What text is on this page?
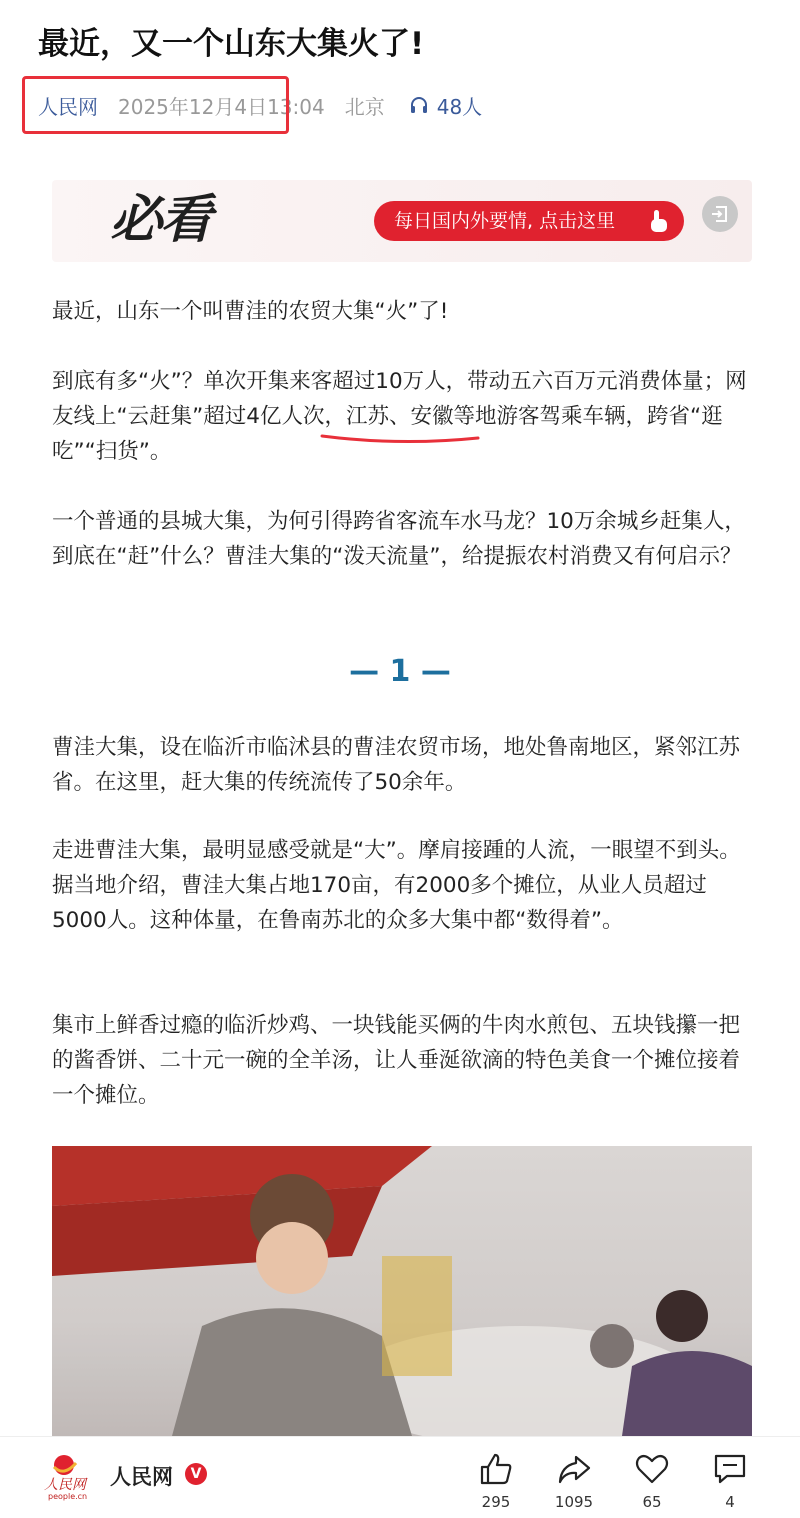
最近，又一个山东大集火了!
人民网 2025年12月4日13:04 北京	48人
必看	每日国内外要情, 点击这里
最近，山东一个叫曹洼的农贸大集“火”了!
到底有多“火”？单次开集来客超过10万人，带动五六百万元消费体量；网友线上“云赶集”超过4亿人次，江苏、安徽等地游客驾乘车辆，跨省“逛吃”“扫货”。
一个普通的县城大集，为何引得跨省客流车水马龙？10万余城乡赶集人，到底在“赶”什么？曹洼大集的“泼天流量”，给提振农村消费又有何启示？
— 1 —
曹洼大集，设在临沂市临沭县的曹洼农贸市场，地处鲁南地区，紧邻江苏省。在这里，赶大集的传统流传了50余年。
走进曹洼大集，最明显感受就是“大”。摩肩接踵的人流，一眼望不到头。据当地介绍，曹洼大集占地170亩，有2000多个摊位，从业人员超过5000人。这种体量，在鲁南苏北的众多大集中都“数得着”。
集市上鲜香过瘾的临沂炒鸡、一块钱能买俩的牛肉水煎包、五块钱攥一把的酱香饼、二十元一碗的全羊汤，让人垂涎欲滴的特色美食一个摊位接着一个摊位。
人民网
people.cn
人民网	V
295	1095	65	4
